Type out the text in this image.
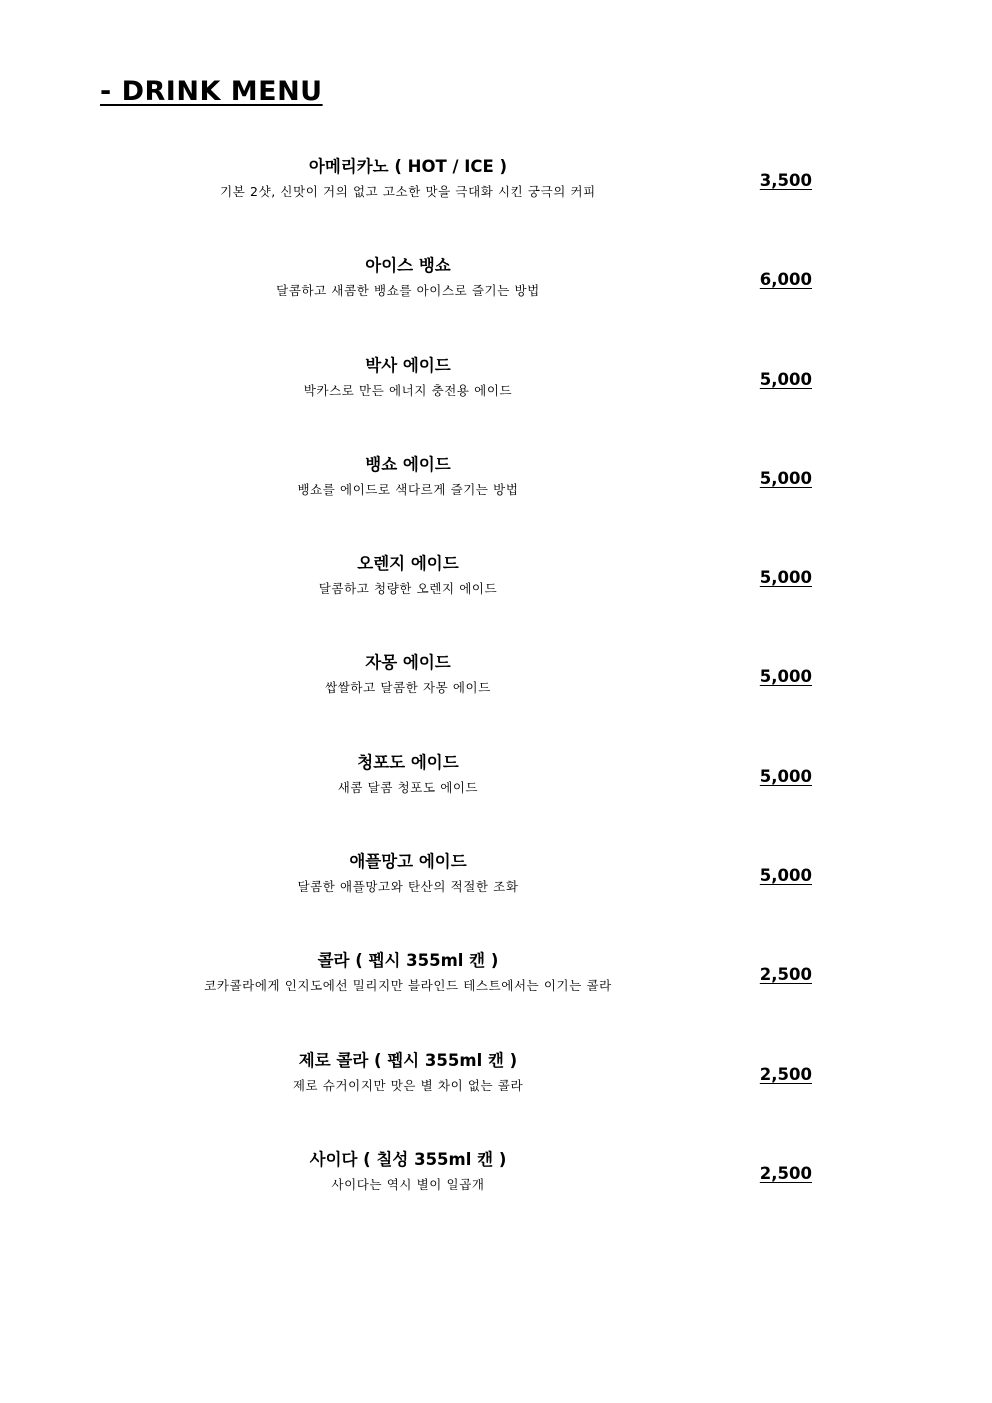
- DRINK MENU
아메리카노 ( HOT / ICE )
기본 2샷, 신맛이 거의 없고 고소한 맛을 극대화 시킨 궁극의 커피
3,500
아이스 뱅쇼
달콤하고 새콤한 뱅쇼를 아이스로 즐기는 방법
6,000
박사 에이드
박카스로 만든 에너지 충전용 에이드
5,000
뱅쇼 에이드
뱅쇼를 에이드로 색다르게 즐기는 방법
5,000
오렌지 에이드
달콤하고 청량한 오렌지 에이드
5,000
자몽 에이드
쌉쌀하고 달콤한 자몽 에이드
5,000
청포도 에이드
새콤 달콤 청포도 에이드
5,000
애플망고 에이드
달콤한 애플망고와 탄산의 적절한 조화
5,000
콜라 ( 펩시 355ml 캔 )
코카콜라에게 인지도에선 밀리지만 블라인드 테스트에서는 이기는 콜라
2,500
제로 콜라 ( 펩시 355ml 캔 )
제로 슈거이지만 맛은 별 차이 없는 콜라
2,500
사이다 ( 칠성 355ml 캔 )
사이다는 역시 별이 일곱개
2,500
